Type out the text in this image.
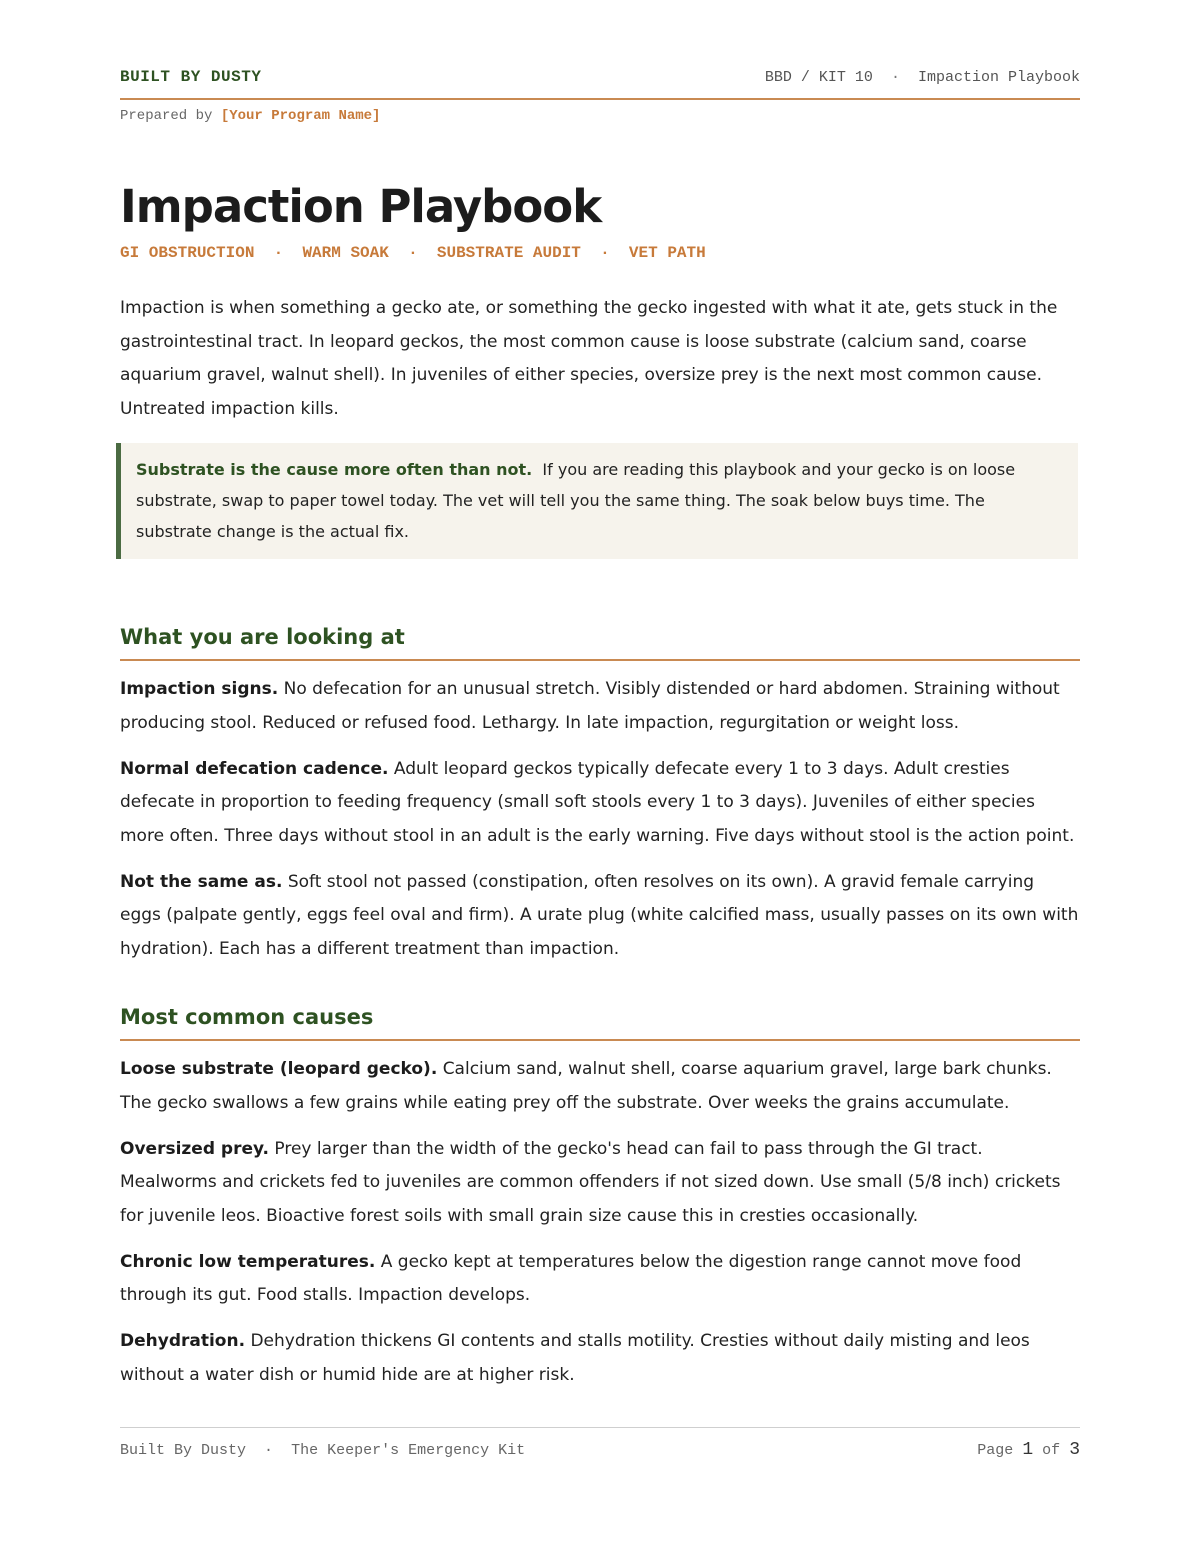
BUILT BY DUSTY	BBD / KIT 10 · Impaction Playbook
Prepared by [Your Program Name]
Impaction Playbook
GI OBSTRUCTION · WARM SOAK · SUBSTRATE AUDIT · VET PATH

Impaction is when something a gecko ate, or something the gecko ingested with what it ate, gets stuck in the gastrointestinal tract. In leopard geckos, the most common cause is loose substrate (calcium sand, coarse aquarium gravel, walnut shell). In juveniles of either species, oversize prey is the next most common cause. Untreated impaction kills.

Substrate is the cause more often than not. If you are reading this playbook and your gecko is on loose substrate, swap to paper towel today. The vet will tell you the same thing. The soak below buys time. The substrate change is the actual fix.

What you are looking at

Impaction signs. No defecation for an unusual stretch. Visibly distended or hard abdomen. Straining without producing stool. Reduced or refused food. Lethargy. In late impaction, regurgitation or weight loss.

Normal defecation cadence. Adult leopard geckos typically defecate every 1 to 3 days. Adult cresties defecate in proportion to feeding frequency (small soft stools every 1 to 3 days). Juveniles of either species more often. Three days without stool in an adult is the early warning. Five days without stool is the action point.

Not the same as. Soft stool not passed (constipation, often resolves on its own). A gravid female carrying eggs (palpate gently, eggs feel oval and firm). A urate plug (white calcified mass, usually passes on its own with hydration). Each has a different treatment than impaction.

Most common causes

Loose substrate (leopard gecko). Calcium sand, walnut shell, coarse aquarium gravel, large bark chunks. The gecko swallows a few grains while eating prey off the substrate. Over weeks the grains accumulate.

Oversized prey. Prey larger than the width of the gecko's head can fail to pass through the GI tract. Mealworms and crickets fed to juveniles are common offenders if not sized down. Use small (5/8 inch) crickets for juvenile leos. Bioactive forest soils with small grain size cause this in cresties occasionally.

Chronic low temperatures. A gecko kept at temperatures below the digestion range cannot move food through its gut. Food stalls. Impaction develops.

Dehydration. Dehydration thickens GI contents and stalls motility. Cresties without daily misting and leos without a water dish or humid hide are at higher risk.

Built By Dusty · The Keeper's Emergency Kit	Page 1 of 3
